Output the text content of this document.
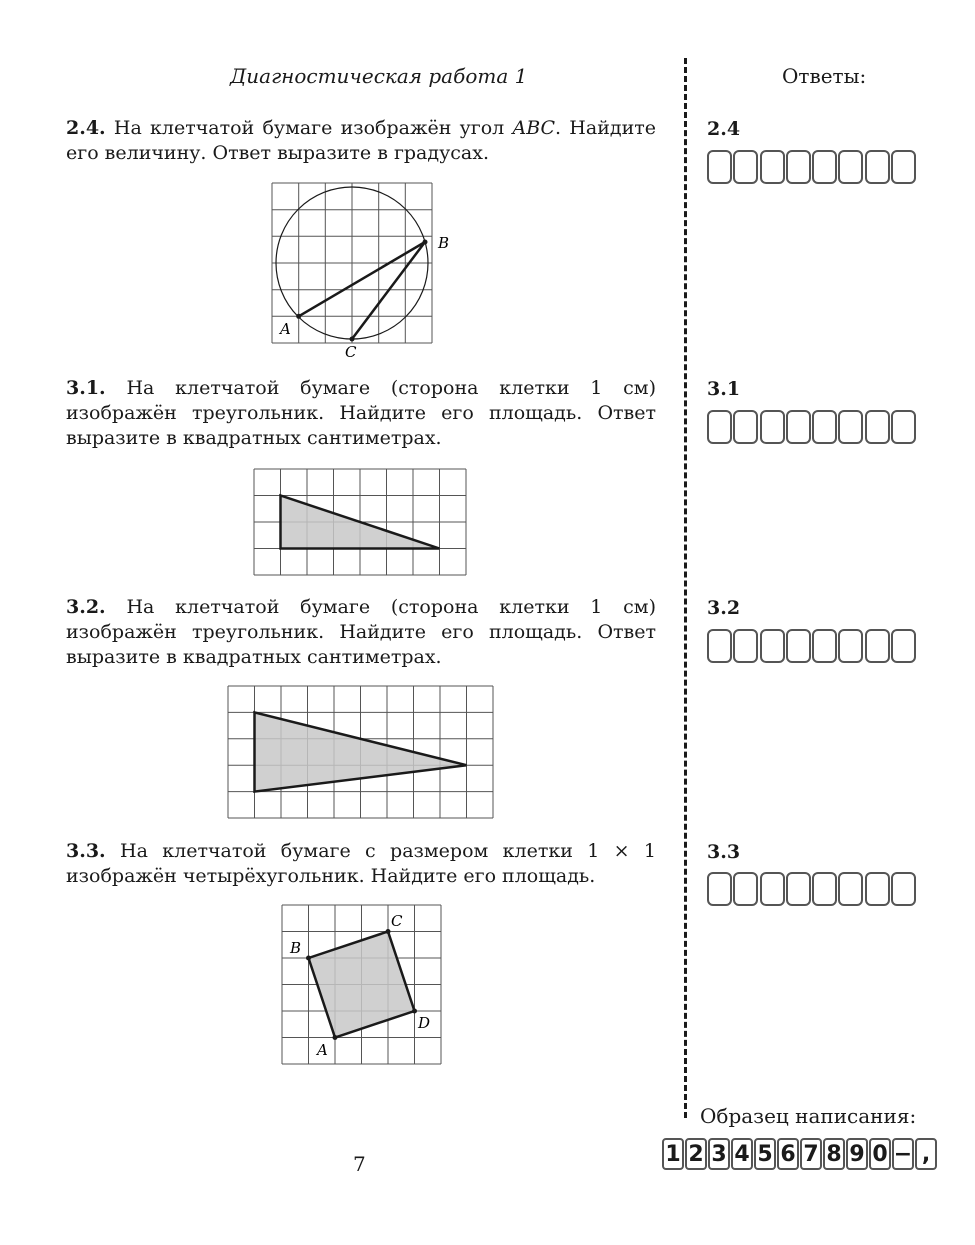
Диагностическая работа 1	Ответы:
2.4. На клетчатой бумаге изображён угол ABC. Найдите его величину. Ответ выразите в градусах.
A
B
C
3.1. На клетчатой бумаге (сторона клетки 1 см) изображён треугольник. Найдите его площадь. Ответ выразите в квадратных сантиметрах.
3.2. На клетчатой бумаге (сторона клетки 1 см) изображён треугольник. Найдите его площадь. Ответ выразите в квадратных сантиметрах.
3.3. На клетчатой бумаге с размером клетки 1 × 1 изображён четырёхугольник. Найдите его площадь.
B
C
D
A
2.4
3.1
3.2
3.3
Образец написания:
1 2 3 4 5 6 7 8 9 0 − ,
7
